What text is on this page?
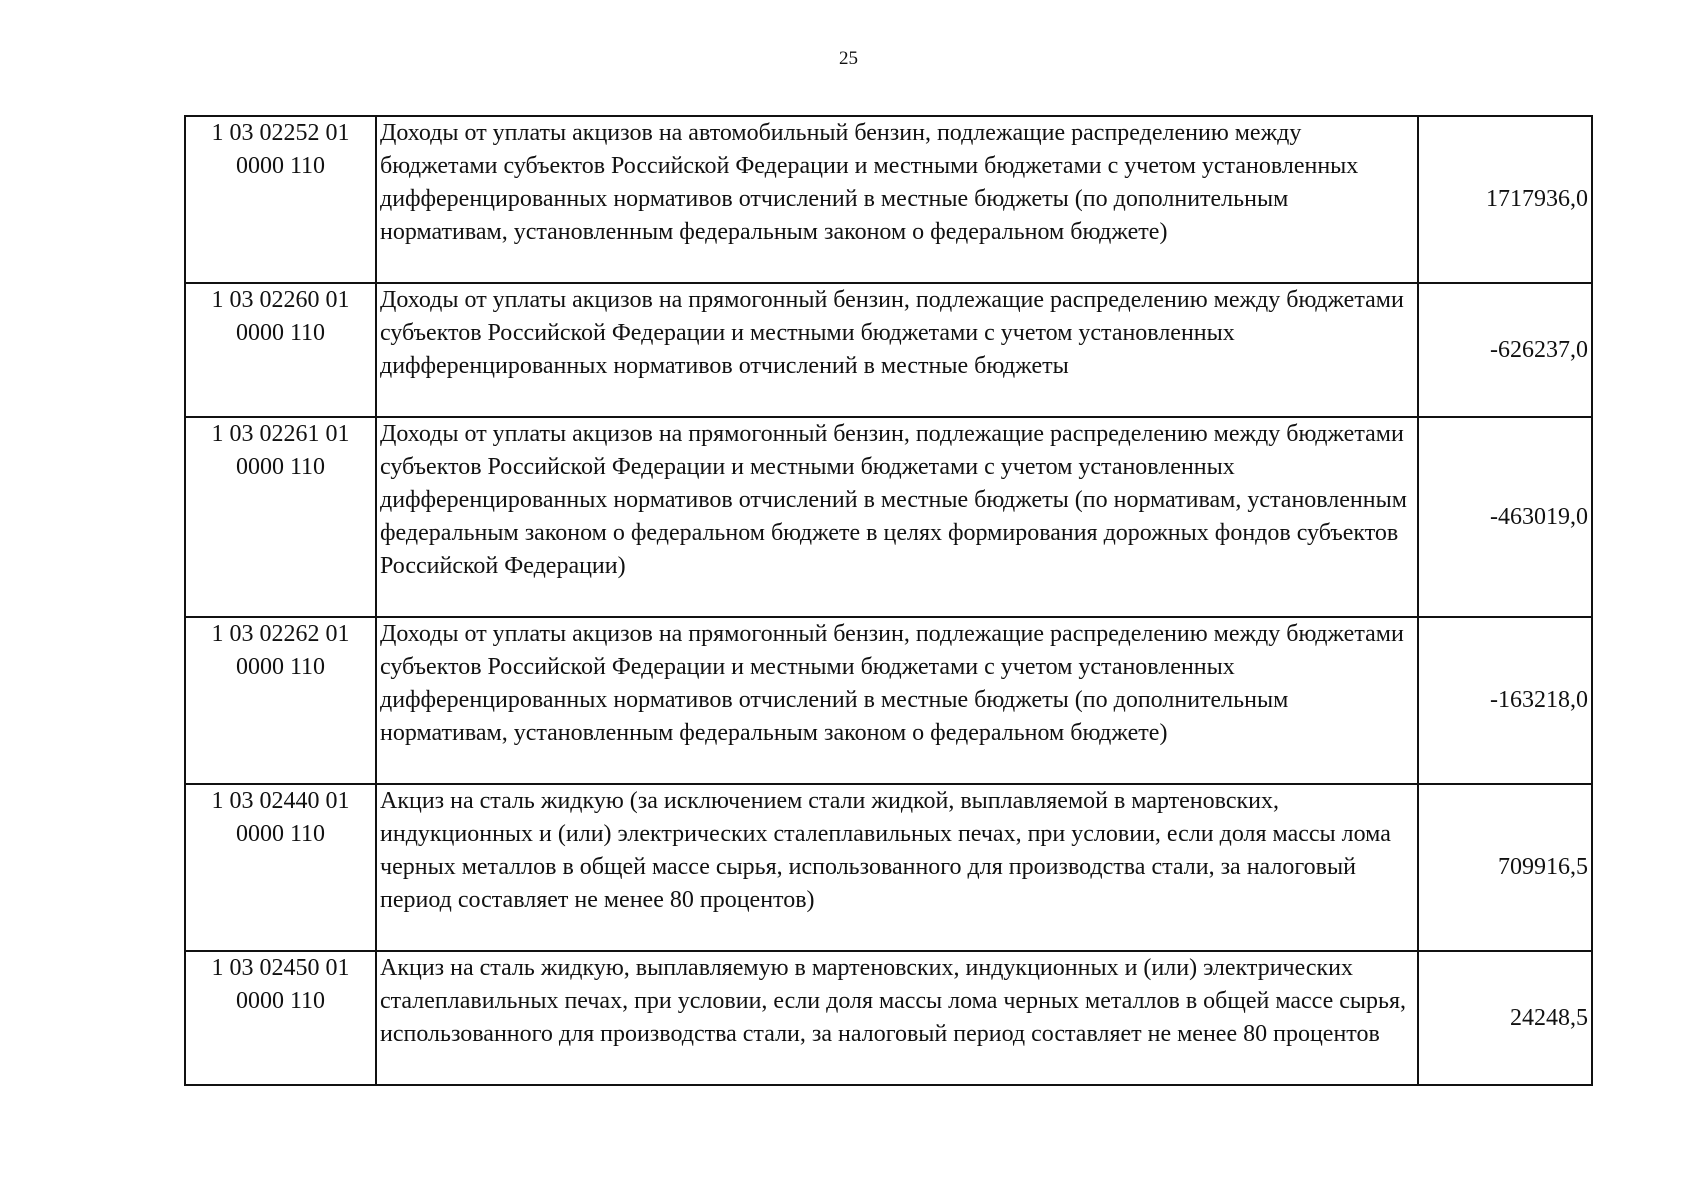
25
1 03 02252 01
0000 110	Доходы от уплаты акцизов на автомобильный бензин, подлежащие распределению между бюджетами субъектов Российской Федерации и местными бюджетами с учетом установленных дифференцированных нормативов отчислений в местные бюджеты (по дополнительным нормативам, установленным федеральным законом о федеральном бюджете)	1717936,0

1 03 02260 01
0000 110	Доходы от уплаты акцизов на прямогонный бензин, подлежащие распределению между бюджетами субъектов Российской Федерации и местными бюджетами с учетом установленных дифференцированных нормативов отчислений в местные бюджеты	-626237,0

1 03 02261 01
0000 110	Доходы от уплаты акцизов на прямогонный бензин, подлежащие распределению между бюджетами субъектов Российской Федерации и местными бюджетами с учетом установленных дифференцированных нормативов отчислений в местные бюджеты (по нормативам, установленным федеральным законом о федеральном бюджете в целях формирования дорожных фондов субъектов Российской Федерации)	-463019,0

1 03 02262 01
0000 110	Доходы от уплаты акцизов на прямогонный бензин, подлежащие распределению между бюджетами субъектов Российской Федерации и местными бюджетами с учетом установленных дифференцированных нормативов отчислений в местные бюджеты (по дополнительным нормативам, установленным федеральным законом о федеральном бюджете)	-163218,0

1 03 02440 01
0000 110	Акциз на сталь жидкую (за исключением стали жидкой, выплавляемой в мартеновских, индукционных и (или) электрических сталеплавильных печах, при условии, если доля массы лома черных металлов в общей массе сырья, использованного для производства стали, за налоговый период составляет не менее 80 процентов)	709916,5

1 03 02450 01
0000 110	Акциз на сталь жидкую, выплавляемую в мартеновских, индукционных и (или) электрических сталеплавильных печах, при условии, если доля массы лома черных металлов в общей массе сырья, использованного для производства стали, за налоговый период составляет не менее 80 процентов	24248,5
